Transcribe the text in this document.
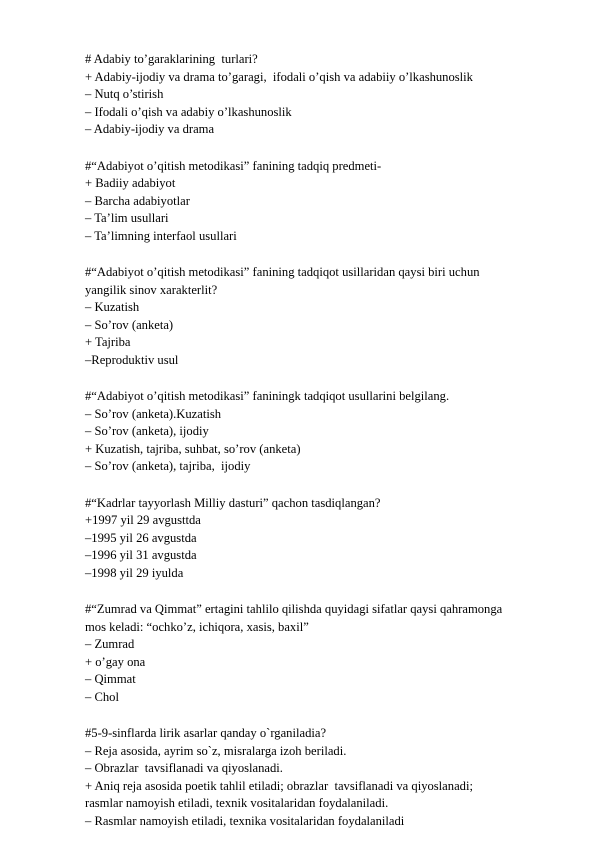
# Adabiy to’garaklarining  turlari?
+ Adabiy-ijodiy va drama to’garagi,  ifodali o’qish va adabiiy o’lkashunoslik
– Nutq o’stirish
– Ifodali o’qish va adabiy o’lkashunoslik
– Adabiy-ijodiy va drama
#“Adabiyot o’qitish metodikasi” fanining tadqiq predmeti-
+ Badiiy adabiyot
– Barcha adabiyotlar
– Ta’lim usullari
– Ta’limning interfaol usullari
#“Adabiyot o’qitish metodikasi” fanining tadqiqot usillaridan qaysi biri uchun
yangilik sinov xarakterlit?
– Kuzatish
– So’rov (anketa)
+ Tajriba
–Reproduktiv usul
#“Adabiyot o’qitish metodikasi” faniningk tadqiqot usullarini belgilang.
– So’rov (anketa).Kuzatish
– So’rov (anketa), ijodiy
+ Kuzatish, tajriba, suhbat, so’rov (anketa)
– So’rov (anketa), tajriba,  ijodiy
#“Kadrlar tayyorlash Milliy dasturi” qachon tasdiqlangan?
+1997 yil 29 avgusttda
–1995 yil 26 avgustda
–1996 yil 31 avgustda
–1998 yil 29 iyulda
#“Zumrad va Qimmat” ertagini tahlilo qilishda quyidagi sifatlar qaysi qahramonga
mos keladi: “ochko’z, ichiqora, xasis, baxil”
– Zumrad
+ o’gay ona
– Qimmat
– Chol
#5-9-sinflarda lirik asarlar qanday o`rganiladia?
– Reja asosida, ayrim so`z, misralarga izoh beriladi.
– Obrazlar  tavsiflanadi va qiyoslanadi.
+ Aniq reja asosida poetik tahlil etiladi; obrazlar  tavsiflanadi va qiyoslanadi;
rasmlar namoyish etiladi, texnik vositalaridan foydalaniladi.
– Rasmlar namoyish etiladi, texnika vositalaridan foydalaniladi
